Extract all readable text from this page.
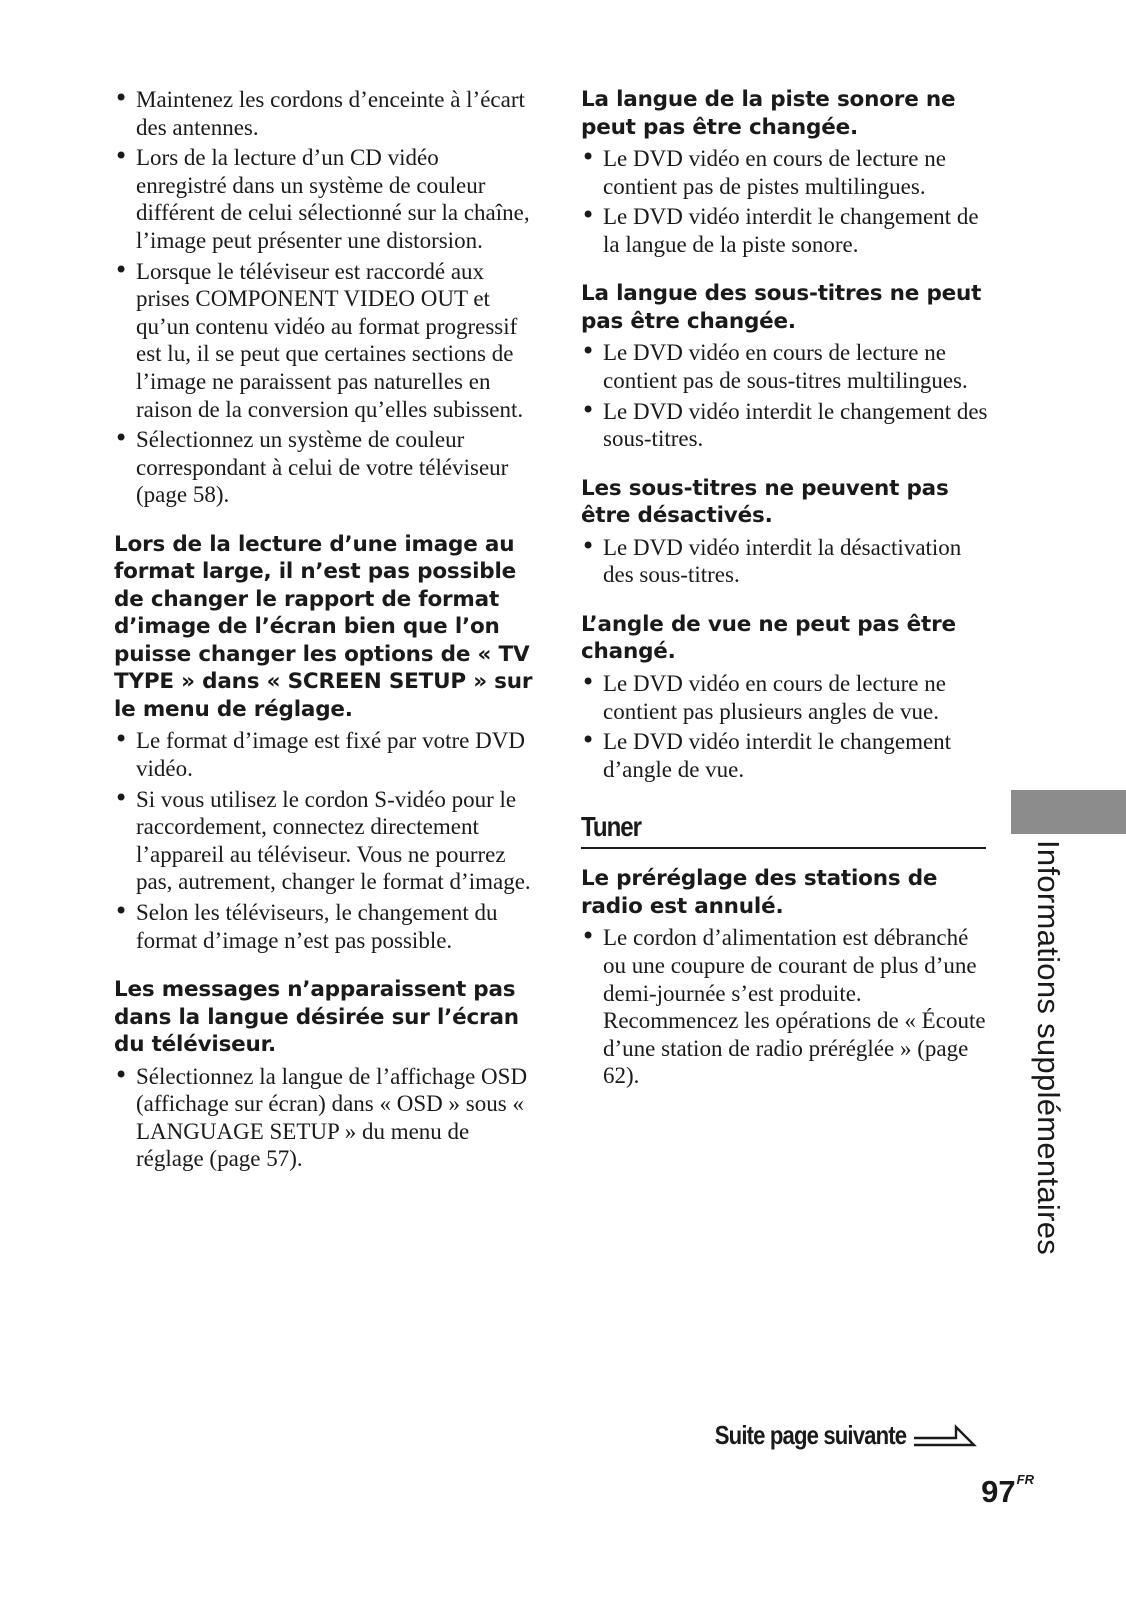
• Maintenez les cordons d’enceinte à l’écart des antennes.
• Lors de la lecture d’un CD vidéo enregistré dans un système de couleur différent de celui sélectionné sur la chaîne, l’image peut présenter une distorsion.
• Lorsque le téléviseur est raccordé aux prises COMPONENT VIDEO OUT et qu’un contenu vidéo au format progressif est lu, il se peut que certaines sections de l’image ne paraissent pas naturelles en raison de la conversion qu’elles subissent.
• Sélectionnez un système de couleur correspondant à celui de votre téléviseur (page 58).

Lors de la lecture d’une image au format large, il n’est pas possible de changer le rapport de format d’image de l’écran bien que l’on puisse changer les options de « TV TYPE » dans « SCREEN SETUP » sur le menu de réglage.

• Le format d’image est fixé par votre DVD vidéo.
• Si vous utilisez le cordon S-vidéo pour le raccordement, connectez directement l’appareil au téléviseur. Vous ne pourrez pas, autrement, changer le format d’image.
• Selon les téléviseurs, le changement du format d’image n’est pas possible.

Les messages n’apparaissent pas dans la langue désirée sur l’écran du téléviseur.

• Sélectionnez la langue de l’affichage OSD (affichage sur écran) dans « OSD » sous « LANGUAGE SETUP » du menu de réglage (page 57).

La langue de la piste sonore ne peut pas être changée.

• Le DVD vidéo en cours de lecture ne contient pas de pistes multilingues.
• Le DVD vidéo interdit le changement de la langue de la piste sonore.

La langue des sous-titres ne peut pas être changée.

• Le DVD vidéo en cours de lecture ne contient pas de sous-titres multilingues.
• Le DVD vidéo interdit le changement des sous-titres.

Les sous-titres ne peuvent pas être désactivés.

• Le DVD vidéo interdit la désactivation des sous-titres.

L’angle de vue ne peut pas être changé.

• Le DVD vidéo en cours de lecture ne contient pas plusieurs angles de vue.
• Le DVD vidéo interdit le changement d’angle de vue.
Tuner

Le préréglage des stations de radio est annulé.

• Le cordon d’alimentation est débranché ou une coupure de courant de plus d’une demi-journée s’est produite. Recommencez les opérations de « Écoute d’une station de radio préréglée » (page 62).	Informations supplémentaires
Suite page suivante
$97^{FR}$
